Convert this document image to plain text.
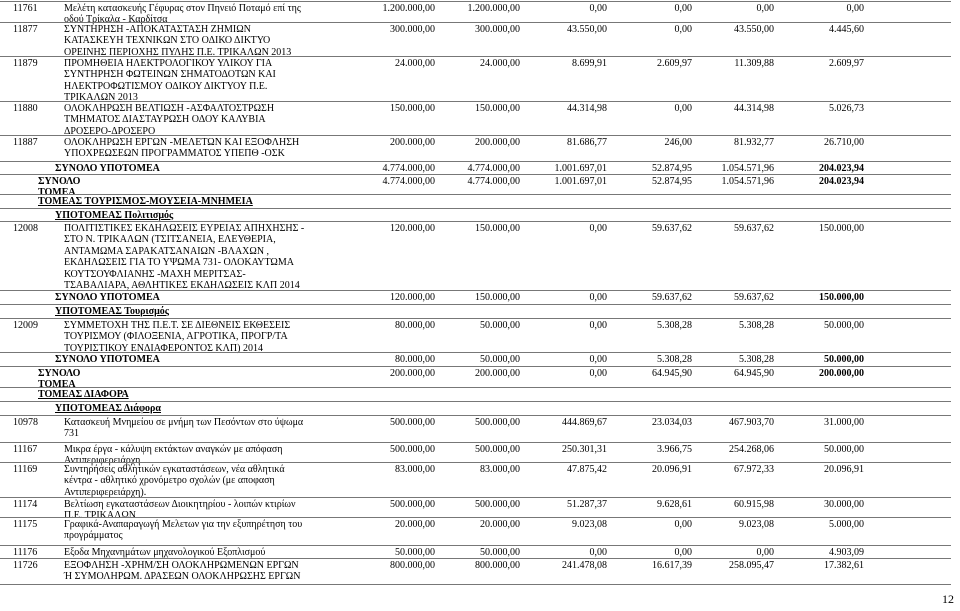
11761	Μελέτη κατασκευής Γέφυρας στον Πηνειό Ποταμό επί της
οδού Τρίκαλα - Καρδίτσα
1.200.000,00	1.200.000,00	0,00	0,00	0,00	0,00
11877	ΣΥΝΤΗΡΗΣΗ -ΑΠΟΚΑΤΑΣΤΑΣΗ ΖΗΜΙΩΝ
ΚΑΤΑΣΚΕΥΗ ΤΕΧΝΙΚΩΝ ΣΤΟ ΟΔΙΚΟ ΔΙΚΤΥΟ
ΟΡΕΙΝΗΣ ΠΕΡΙΟΧΗΣ ΠΥΛΗΣ Π.Ε. ΤΡΙΚΑΛΩΝ 2013
300.000,00	300.000,00	43.550,00	0,00	43.550,00	4.445,60
11879	ΠΡΟΜΗΘΕΙΑ ΗΛΕΚΤΡΟΛΟΓΙΚΟΥ ΥΛΙΚΟΥ ΓΙΑ
ΣΥΝΤΗΡΗΣΗ ΦΩΤΕΙΝΩΝ ΣΗΜΑΤΟΔΟΤΩΝ ΚΑΙ
ΗΛΕΚΤΡΟΦΩΤΙΣΜΟΥ ΟΔΙΚΟΥ ΔΙΚΤΥΟΥ Π.Ε.
ΤΡΙΚΑΛΩΝ 2013
24.000,00	24.000,00	8.699,91	2.609,97	11.309,88	2.609,97
11880	ΟΛΟΚΛΗΡΩΣΗ ΒΕΛΤΙΩΣΗ -ΑΣΦΑΛΤΟΣΤΡΩΣΗ
ΤΜΗΜΑΤΟΣ ΔΙΑΣΤΑΥΡΩΣΗ ΟΔΟΥ ΚΑΛΥΒΙΑ
ΔΡΟΣΕΡΟ-ΔΡΟΣΕΡΟ
150.000,00	150.000,00	44.314,98	0,00	44.314,98	5.026,73
11887	ΟΛΟΚΛΗΡΩΣΗ ΕΡΓΩΝ -ΜΕΛΕΤΩΝ ΚΑΙ ΕΞΟΦΛΗΣΗ
ΥΠΟΧΡΕΩΣΕΩΝ ΠΡΟΓΡΑΜΜΑΤΟΣ ΥΠΕΠΘ -ΟΣΚ
200.000,00	200.000,00	81.686,77	246,00	81.932,77	26.710,00
ΣΥΝΟΛΟ ΥΠΟΤΟΜΕΑ	4.774.000,00	4.774.000,00	1.001.697,01	52.874,95	1.054.571,96	204.023,94
ΣΥΝΟΛΟ
ΤΟΜΕΑ
4.774.000,00	4.774.000,00	1.001.697,01	52.874,95	1.054.571,96	204.023,94
ΤΟΜΕΑΣ ΤΟΥΡΙΣΜΟΣ-ΜΟΥΣΕΙΑ-ΜΝΗΜΕΙΑ
ΥΠΟΤΟΜΕΑΣ Πολιτισμός
12008	ΠΟΛΙΤΙΣΤΙΚΕΣ ΕΚΔΗΛΩΣΕΙΣ ΕΥΡΕΙΑΣ ΑΠΗΧΗΣΗΣ -
ΣΤΟ Ν. ΤΡΙΚΑΛΩΝ (ΤΣΙΤΣΑΝΕΙΑ, ΕΛΕΥΘΕΡΙΑ,
ΑΝΤΑΜΩΜΑ ΣΑΡΑΚΑΤΣΑΝΑΙΩΝ -ΒΛΑΧΩΝ ,
ΕΚΔΗΛΩΣΕΙΣ ΓΙΑ ΤΟ ΥΨΩΜΑ 731- ΟΛΟΚΑΥΤΩΜΑ
ΚΟΥΤΣΟΥΦΛΙΑΝΗΣ -ΜΑΧΗ ΜΕΡΙΤΣΑΣ-
ΤΣΑΒΑΛΙΑΡΑ, ΑΘΛΗΤΙΚΕΣ ΕΚΔΗΛΩΣΕΙΣ ΚΛΠ 2014
120.000,00	150.000,00	0,00	59.637,62	59.637,62	150.000,00
ΣΥΝΟΛΟ ΥΠΟΤΟΜΕΑ	120.000,00	150.000,00	0,00	59.637,62	59.637,62	150.000,00
ΥΠΟΤΟΜΕΑΣ Τουρισμός
12009	ΣΥΜΜΕΤΟΧΗ ΤΗΣ Π.Ε.Τ. ΣΕ ΔΙΕΘΝΕΙΣ ΕΚΘΕΣΕΙΣ
ΤΟΥΡΙΣΜΟΥ (ΦΙΛΟΞΕΝΙΑ, ΑΓΡΟΤΙΚΑ, ΠΡΟΓΡ/ΤΑ
ΤΟΥΡΙΣΤΙΚΟΥ ΕΝΔΙΑΦΕΡΟΝΤΟΣ ΚΛΠ) 2014
80.000,00	50.000,00	0,00	5.308,28	5.308,28	50.000,00
ΣΥΝΟΛΟ ΥΠΟΤΟΜΕΑ	80.000,00	50.000,00	0,00	5.308,28	5.308,28	50.000,00
ΣΥΝΟΛΟ
ΤΟΜΕΑ
200.000,00	200.000,00	0,00	64.945,90	64.945,90	200.000,00
ΤΟΜΕΑΣ ΔΙΑΦΟΡΑ
ΥΠΟΤΟΜΕΑΣ Διάφορα
10978	Κατασκευή Μνημείου σε μνήμη των Πεσόντων στο ύψωμα
731
500.000,00	500.000,00	444.869,67	23.034,03	467.903,70	31.000,00
11167	Μικρα έργα - κάλυψη εκτάκτων αναγκών με απόφαση
Αντιπεριφερειάρχη
500.000,00	500.000,00	250.301,31	3.966,75	254.268,06	50.000,00
11169	Συντηρήσεις αθλητικών εγκαταστάσεων, νέα αθλητικά
κέντρα - αθλητικό χρονόμετρο σχολών (με αποφαση
Αντιπεριφερειάρχη).
83.000,00	83.000,00	47.875,42	20.096,91	67.972,33	20.096,91
11174	Βελτίωση εγκαταστάσεων Διοικητηρίου - λοιπών κτιρίων
Π.Ε. ΤΡΙΚΑΛΩΝ
500.000,00	500.000,00	51.287,37	9.628,61	60.915,98	30.000,00
11175	Γραφικά-Αναπαραγωγή Μελετων για την εξυπηρέτηση του
προγράμματος
20.000,00	20.000,00	9.023,08	0,00	9.023,08	5.000,00
11176	Εξοδα Μηχανημάτων μηχανολογικού Εξοπλισμού	50.000,00	50.000,00	0,00	0,00	0,00	4.903,09
11726	ΕΞΟΦΛΗΣΗ -ΧΡΗΜ/ΣΗ ΟΛΟΚΛΗΡΩΜΕΝΩΝ ΕΡΓΩΝ
Ή ΣΥΜΟΛΗΡΩΜ. ΔΡΑΣΕΩΝ ΟΛΟΚΛΗΡΩΣΗΣ ΕΡΓΩΝ
800.000,00	800.000,00	241.478,08	16.617,39	258.095,47	17.382,61
12
